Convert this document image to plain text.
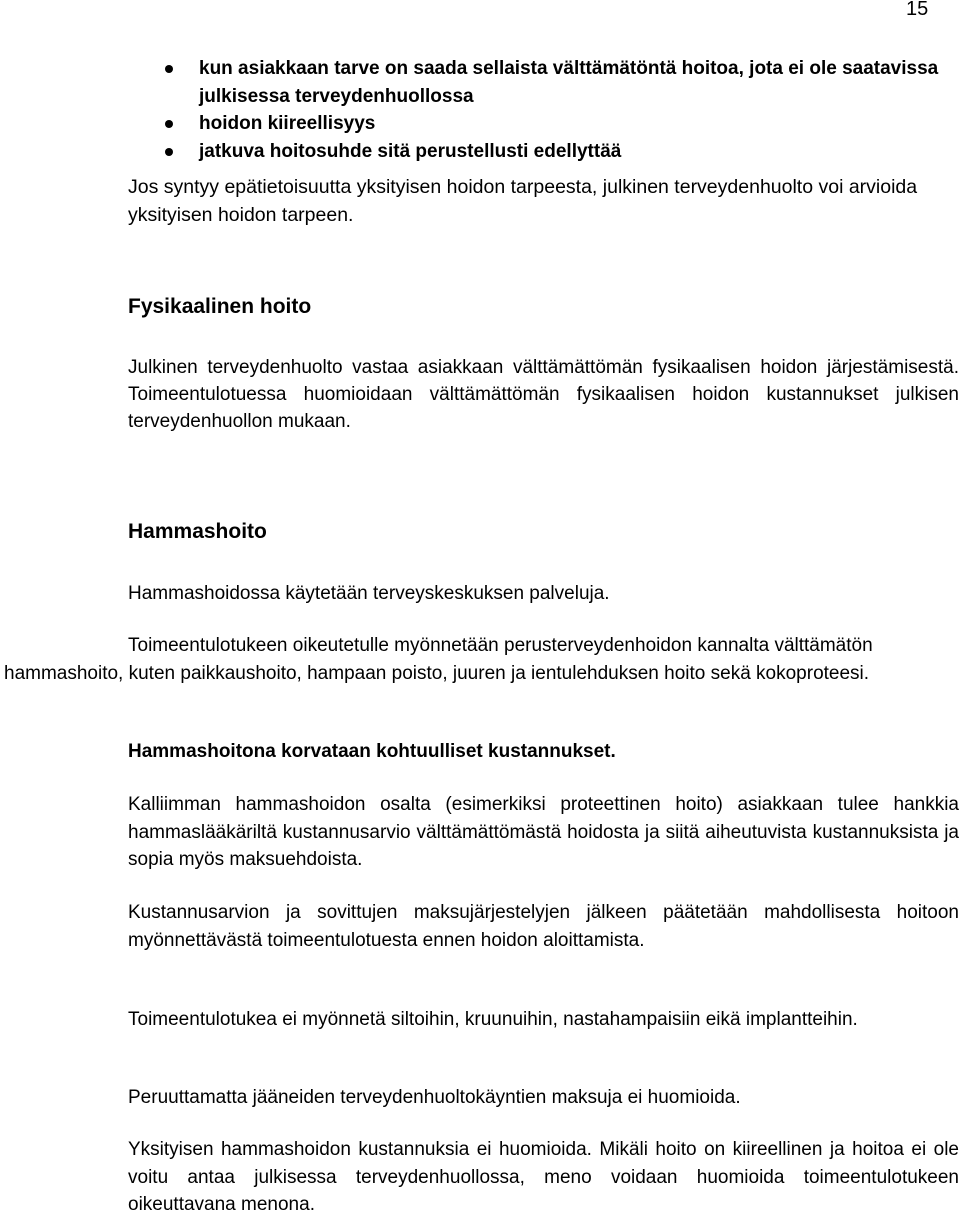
15
kun asiakkaan tarve on saada sellaista välttämätöntä hoitoa, jota ei ole saatavissa julkisessa terveydenhuollossa
hoidon kiireellisyys
jatkuva hoitosuhde sitä perustellusti edellyttää

Jos syntyy epätietoisuutta yksityisen hoidon tarpeesta, julkinen terveydenhuolto voi arvioida yksityisen hoidon tarpeen.

Fysikaalinen hoito

Julkinen terveydenhuolto vastaa asiakkaan välttämättömän fysikaalisen hoidon järjestämisestä. Toimeentulotuessa huomioidaan välttämättömän fysikaalisen hoidon kustannukset julkisen terveydenhuollon mukaan.

Hammashoito

Hammashoidossa käytetään terveyskeskuksen palveluja.

Toimeentulotukeen oikeutetulle myönnetään perusterveydenhoidon kannalta välttämätön hammashoito, kuten paikkaushoito, hampaan poisto, juuren ja ientulehduksen hoito sekä kokoproteesi.

Hammashoitona korvataan kohtuulliset kustannukset.

Kalliimman hammashoidon osalta (esimerkiksi proteettinen hoito) asiakkaan tulee hankkia hammaslääkäriltä kustannusarvio välttämättömästä hoidosta ja siitä aiheutuvista kustannuksista ja sopia myös maksuehdoista.

Kustannusarvion ja sovittujen maksujärjestelyjen jälkeen päätetään mahdollisesta hoitoon myönnettävästä toimeentulotuesta ennen hoidon aloittamista.

Toimeentulotukea ei myönnetä siltoihin, kruunuihin, nastahampaisiin eikä implantteihin.

Peruuttamatta jääneiden terveydenhuoltokäyntien maksuja ei huomioida.

Yksityisen hammashoidon kustannuksia ei huomioida. Mikäli hoito on kiireellinen ja hoitoa ei ole voitu antaa julkisessa terveydenhuollossa, meno voidaan huomioida toimeentulotukeen oikeuttavana menona.
